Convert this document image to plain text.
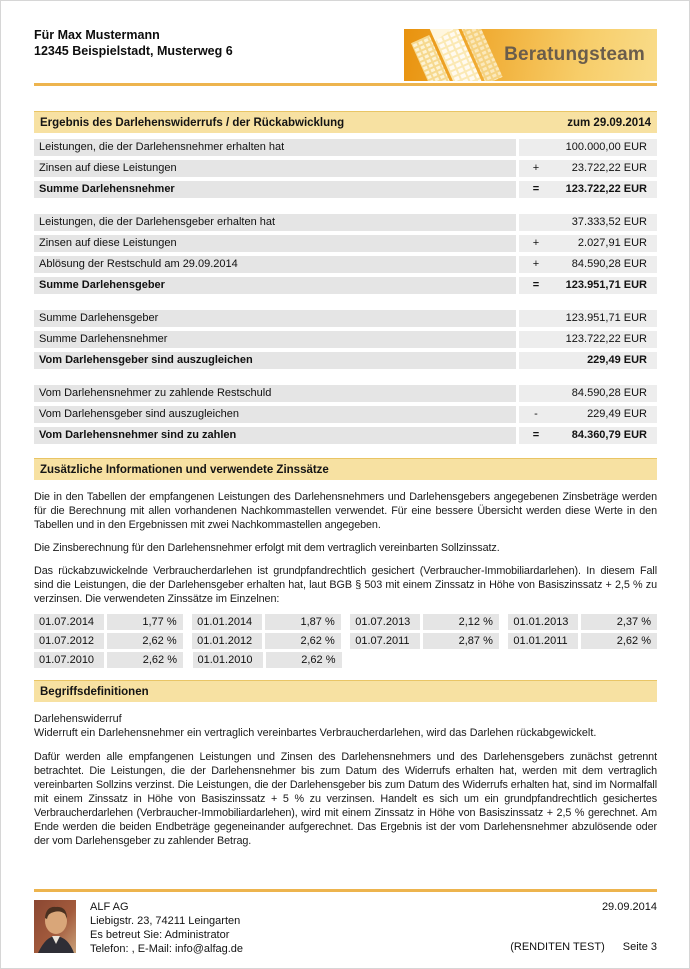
Für Max Mustermann
12345 Beispielstadt, Musterweg 6	Beratungsteam
Ergebnis des Darlehenswiderrufs / der Rückabwicklung	zum 29.09.2014
Leistungen, die der Darlehensnehmer erhalten hat	100.000,00 EUR
Zinsen auf diese Leistungen	+	23.722,22 EUR
Summe Darlehensnehmer	=	123.722,22 EUR
Leistungen, die der Darlehensgeber erhalten hat	37.333,52 EUR
Zinsen auf diese Leistungen	+	2.027,91 EUR
Ablösung der Restschuld am 29.09.2014	+	84.590,28 EUR
Summe Darlehensgeber	=	123.951,71 EUR
Summe Darlehensgeber	123.951,71 EUR
Summe Darlehensnehmer	123.722,22 EUR
Vom Darlehensgeber sind auszugleichen	229,49 EUR
Vom Darlehensnehmer zu zahlende Restschuld	84.590,28 EUR
Vom Darlehensgeber sind auszugleichen	-	229,49 EUR
Vom Darlehensnehmer sind zu zahlen	=	84.360,79 EUR
Zusätzliche Informationen und verwendete Zinssätze

Die in den Tabellen der empfangenen Leistungen des Darlehensnehmers und Darlehensgebers angegebenen Zinsbeträge werden für die Berechnung mit allen vorhandenen Nachkommastellen verwendet. Für eine bessere Übersicht werden diese Werte in den Tabellen und in den Ergebnissen mit zwei Nachkommastellen angegeben.

Die Zinsberechnung für den Darlehensnehmer erfolgt mit dem vertraglich vereinbarten Sollzinssatz.

Das rückabzuwickelnde Verbraucherdarlehen ist grundpfandrechtlich gesichert (Verbraucher-Immobiliardarlehen). In diesem Fall sind die Leistungen, die der Darlehensgeber erhalten hat, laut BGB § 503 mit einem Zinssatz in Höhe von Basiszinssatz + 2,5 % zu verzinsen. Die verwendeten Zinssätze im Einzelnen:

01.07.2014	1,77 %	01.01.2014	1,87 %	01.07.2013	2,12 %	01.01.2013	2,37 %
01.07.2012	2,62 %	01.01.2012	2,62 %	01.07.2011	2,87 %	01.01.2011	2,62 %
01.07.2010	2,62 %	01.01.2010	2,62 %
Begriffsdefinitionen
Darlehenswiderruf
Widerruft ein Darlehensnehmer ein vertraglich vereinbartes Verbraucherdarlehen, wird das Darlehen rückabgewickelt.

Dafür werden alle empfangenen Leistungen und Zinsen des Darlehensnehmers und des Darlehensgebers zunächst getrennt betrachtet. Die Leistungen, die der Darlehensnehmer bis zum Datum des Widerrufs erhalten hat, werden mit dem vertraglich vereinbarten Sollzins verzinst. Die Leistungen, die der Darlehensgeber bis zum Datum des Widerrufs erhalten hat, sind im Normalfall mit einem Zinssatz in Höhe von Basiszinssatz + 5 % zu verzinsen. Handelt es sich um ein grundpfandrechtlich gesichertes Verbraucherdarlehen (Verbraucher-Immobiliardarlehen), wird mit einem Zinssatz in Höhe von Basiszinssatz + 2,5 % gerechnet. Am Ende werden die beiden Endbeträge gegeneinander aufgerechnet. Das Ergebnis ist der vom Darlehensnehmer abzulösende oder der vom Darlehensgeber zu zahlender Betrag.

ALF AG
Liebigstr. 23, 74211 Leingarten
Es betreut Sie: Administrator
Telefon: , E-Mail: info@alfag.de
29.09.2014
(RENDITEN TEST) Seite 3
